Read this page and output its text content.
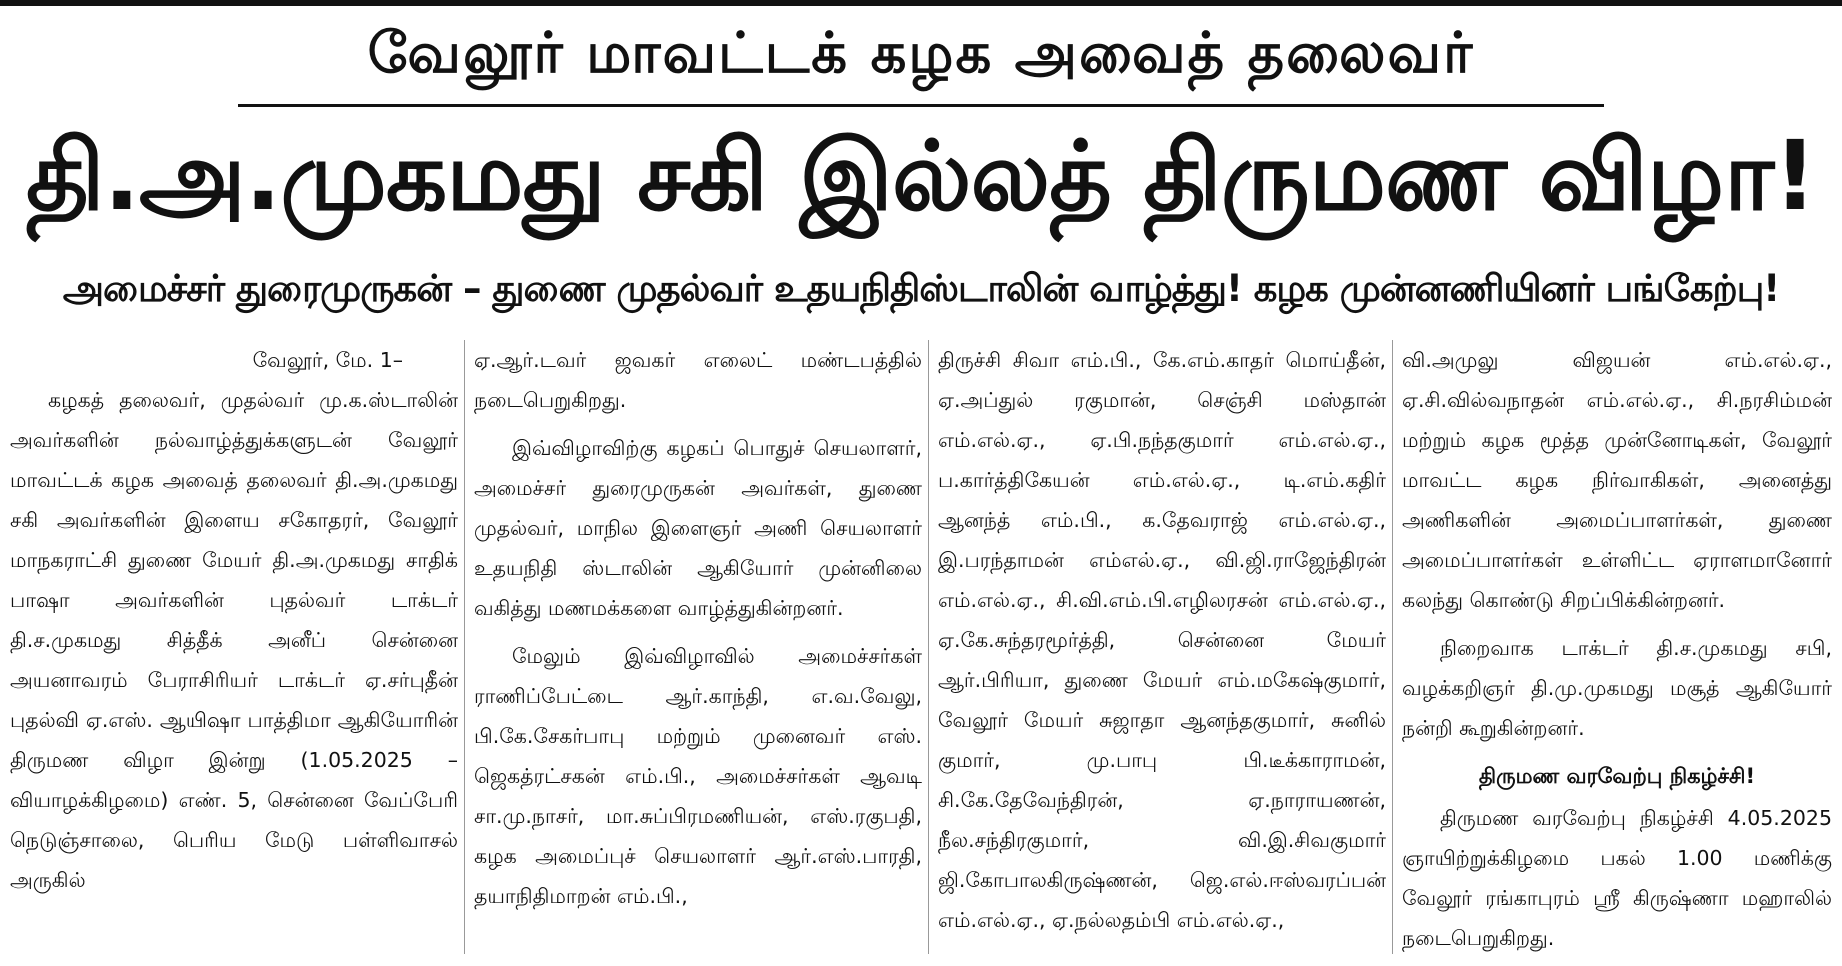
வேலூர் மாவட்டக் கழக அவைத் தலைவர்
தி.அ.முகமது சகி இல்லத் திருமண விழா!
அமைச்சர் துரைமுருகன் – துணை முதல்வர் உதயநிதிஸ்டாலின் வாழ்த்து! கழக முன்னணியினர் பங்கேற்பு!
வேலூர், மே. 1–

கழகத் தலைவர், முதல்வர் மு.க.ஸ்டாலின் அவர்களின் நல்வாழ்த்துக்களுடன் வேலூர் மாவட்டக் கழக அவைத் தலைவர் தி.அ.முகமது சகி அவர்களின் இளைய சகோதரர், வேலூர் மாநகராட்சி துணை மேயர் தி.அ.முகமது சாதிக் பாஷா அவர்களின் புதல்வர் டாக்டர் தி.ச.முகமது சித்தீக் அனீப் சென்னை அயனாவரம் பேராசிரியர் டாக்டர் ஏ.சர்புதீன் புதல்வி ஏ.எஸ். ஆயிஷா பாத்திமா ஆகியோரின் திருமண விழா இன்று (1.05.2025 – வியாழக்கிழமை) எண். 5, சென்னை வேப்பேரி நெடுஞ்சாலை, பெரிய மேடு பள்ளிவாசல் அருகில்

ஏ.ஆர்.டவர் ஜவகர் எலைட் மண்டபத்தில் நடைபெறுகிறது.

இவ்விழாவிற்கு கழகப் பொதுச் செயலாளர், அமைச்சர் துரைமுருகன் அவர்கள், துணை முதல்வர், மாநில இளைஞர் அணி செயலாளர் உதயநிதி ஸ்டாலின் ஆகியோர் முன்னிலை வகித்து மணமக்களை வாழ்த்துகின்றனர்.

மேலும் இவ்விழாவில் அமைச்சர்கள் ராணிப்பேட்டை ஆர்.காந்தி, எ.வ.வேலு, பி.கே.சேகர்பாபு மற்றும் முனைவர் எஸ். ஜெகத்ரட்சகன் எம்.பி., அமைச்சர்கள் ஆவடி சா.மு.நாசர், மா.சுப்பிரமணியன், எஸ்.ரகுபதி, கழக அமைப்புச் செயலாளர் ஆர்.எஸ்.பாரதி, தயாநிதிமாறன் எம்.பி.,

திருச்சி சிவா எம்.பி., கே.எம்.காதர் மொய்தீன், ஏ.அப்துல் ரகுமான், செஞ்சி மஸ்தான் எம்.எல்.ஏ., ஏ.பி.நந்தகுமார் எம்.எல்.ஏ., ப.கார்த்திகேயன் எம்.எல்.ஏ., டி.எம்.கதிர் ஆனந்த் எம்.பி., க.தேவராஜ் எம்.எல்.ஏ., இ.பரந்தாமன் எம்எல்.ஏ., வி.ஜி.ராஜேந்திரன் எம்.எல்.ஏ., சி.வி.எம்.பி.எழிலரசன் எம்.எல்.ஏ., ஏ.கே.சுந்தரமூர்த்தி, சென்னை மேயர் ஆர்.பிரியா, துணை மேயர் எம்.மகேஷ்குமார், வேலூர் மேயர் சுஜாதா ஆனந்தகுமார், சுனில் குமார், மு.பாபு பி.டீக்காராமன், சி.கே.தேவேந்திரன், ஏ.நாராயணன், நீல.சந்திரகுமார், வி.இ.சிவகுமார் ஜி.கோபாலகிருஷ்ணன், ஜெ.எல்.ஈஸ்வரப்பன் எம்.எல்.ஏ., ஏ.நல்லதம்பி எம்.எல்.ஏ.,

வி.அமுலு விஜயன் எம்.எல்.ஏ., ஏ.சி.வில்வநாதன் எம்.எல்.ஏ., சி.நரசிம்மன் மற்றும் கழக மூத்த முன்னோடிகள், வேலூர் மாவட்ட கழக நிர்வாகிகள், அனைத்து அணிகளின் அமைப்பாளர்கள், துணை அமைப்பாளர்கள் உள்ளிட்ட ஏராளமானோர் கலந்து கொண்டு சிறப்பிக்கின்றனர்.

நிறைவாக டாக்டர் தி.ச.முகமது சபி, வழக்கறிஞர் தி.மு.முகமது மசூத் ஆகியோர் நன்றி கூறுகின்றனர்.

திருமண வரவேற்பு நிகழ்ச்சி!

திருமண வரவேற்பு நிகழ்ச்சி 4.05.2025 ஞாயிற்றுக்கிழமை பகல் 1.00 மணிக்கு வேலூர் ரங்காபுரம் ஸ்ரீ கிருஷ்ணா மஹாலில் நடைபெறுகிறது.
